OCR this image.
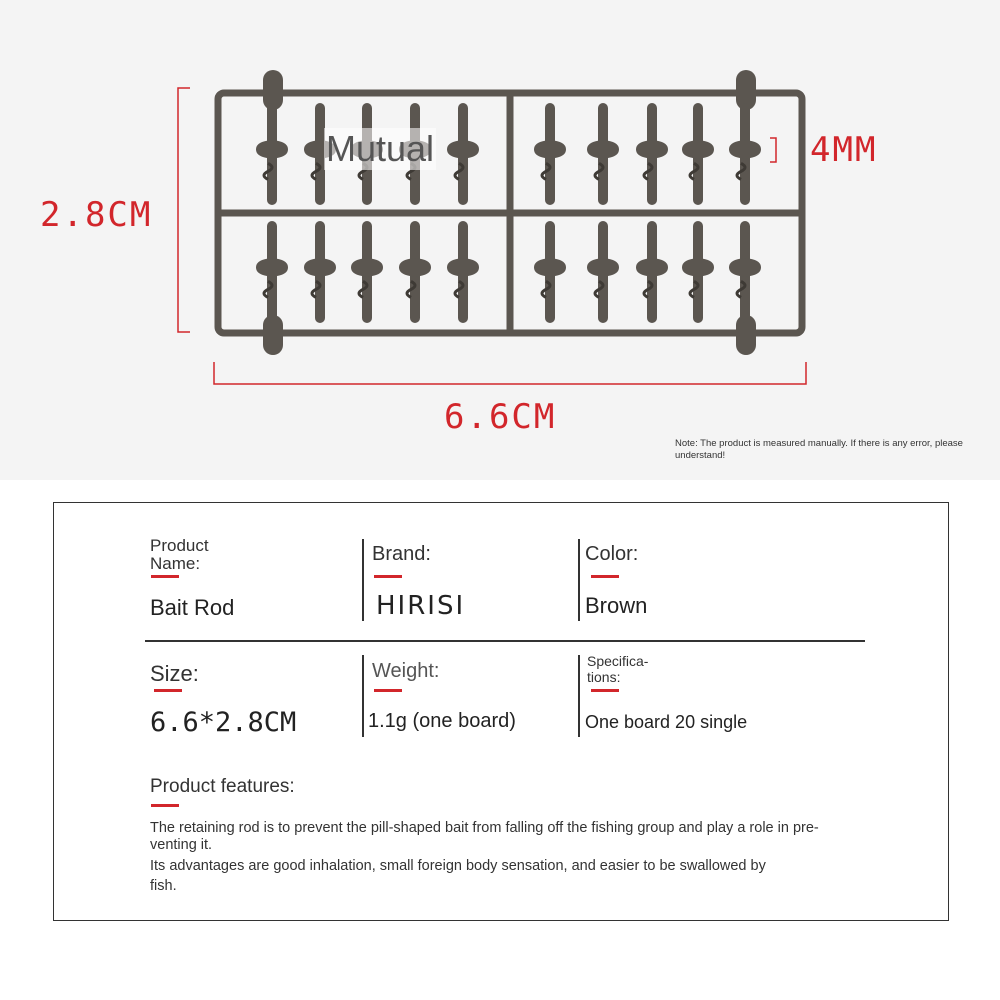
2.8CM
6.6CM
4MM
Mutual
Note: The product is measured manually. If there is any error, please understand!
Product
Name:
Bait Rod
Brand:
HIRISI
Color:
Brown
Size:
6.6*2.8CM
Weight:
1.1g (one board)
Specifica-
tions:
One board 20 single
Product features:
The retaining rod is to prevent the pill-shaped bait from falling off the fishing group and play a role in pre-
venting it.
Its advantages are good inhalation, small foreign body sensation, and easier to be swallowed by
fish.
